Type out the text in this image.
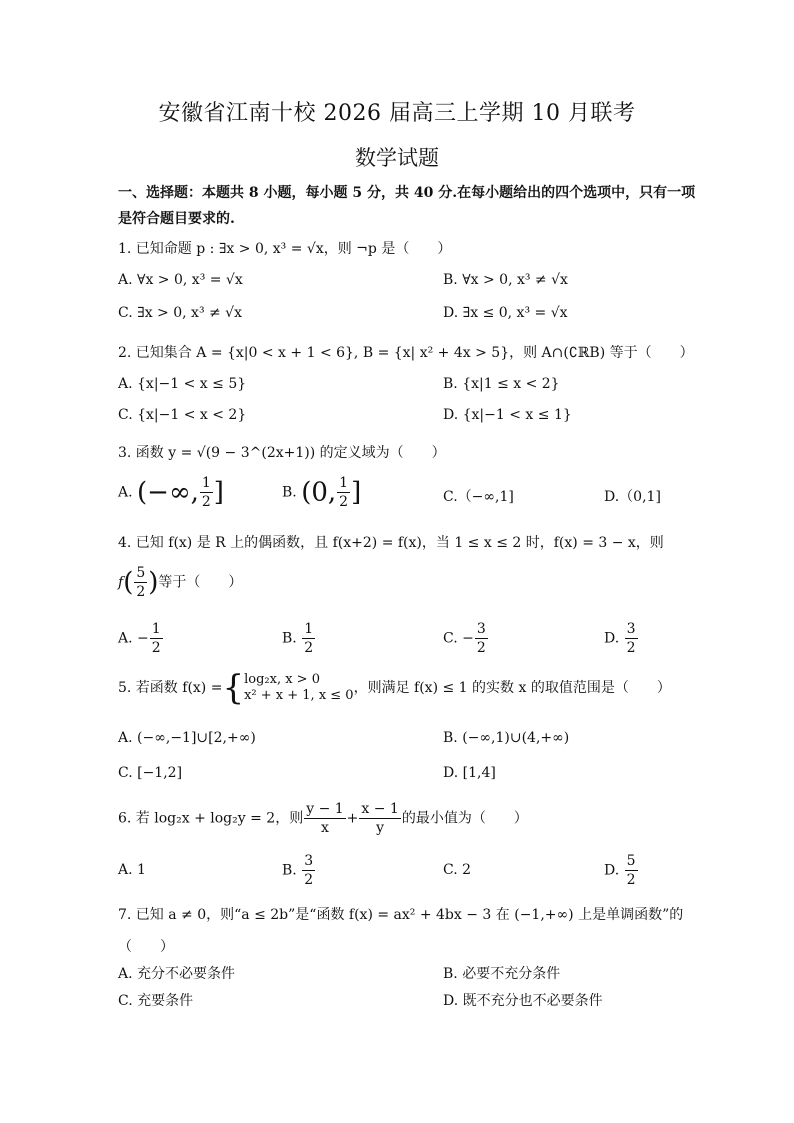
安徽省江南十校 2026 届高三上学期 10 月联考
数学试题
一、选择题：本题共 8 小题，每小题 5 分，共 40 分.在每小题给出的四个选项中，只有一项
是符合题目要求的.
1. 已知命题 p : ∃x > 0, x³ = √x，则 ¬p 是（　　）
A. ∀x > 0, x³ = √x	B. ∀x > 0, x³ ≠ √x
C. ∃x > 0, x³ ≠ √x	D. ∃x ≤ 0, x³ = √x
2. 已知集合 A = {x|0 < x + 1 < 6}, B = {x| x² + 4x > 5}，则 A∩(∁ℝB) 等于（　　）
A. {x|−1 < x ≤ 5}	B. {x|1 ≤ x < 2}
C. {x|−1 < x < 2}	D. {x|−1 < x ≤ 1}
3. 函数 y = √(9 − 3^(2x+1)) 的定义域为（　　）
A. (−∞, $\frac{1}{2}$ ]	B. (0, $\frac{1}{2}$ ]	C.（−∞,1]	D.（0,1]
4. 已知 f(x) 是 R 上的偶函数，且 f(x+2) = f(x)，当 1 ≤ x ≤ 2 时，f(x) = 3 − x，则
$f( \frac{5}{2}$ )等于（　　）
A. − $\frac{1}{2}$	B. $\frac{1}{2}$	C. − $\frac{3}{2}$	D. $\frac{3}{2}$
5. 若函数 f(x) ={ log₂x, x > 0
x² + x + 1, x ≤ 0 ，则满足 f(x) ≤ 1 的实数 x 的取值范围是（　　）
A. (−∞,−1]∪[2,+∞)	B. (−∞,1)∪(4,+∞)
C. [−1,2]	D. [1,4]
6. 若 log₂x + log₂y = 2，则 $\frac{y - 1}{x} + \frac{x - 1}{y}$ 的最小值为（　　）
A. 1	B. $\frac{3}{2}$	C. 2	D. $\frac{5}{2}$
7. 已知 a ≠ 0，则“a ≤ 2b”是“函数 f(x) = ax² + 4bx − 3 在 (−1,+∞) 上是单调函数”的
（　　）
A. 充分不必要条件	B. 必要不充分条件
C. 充要条件	D. 既不充分也不必要条件
